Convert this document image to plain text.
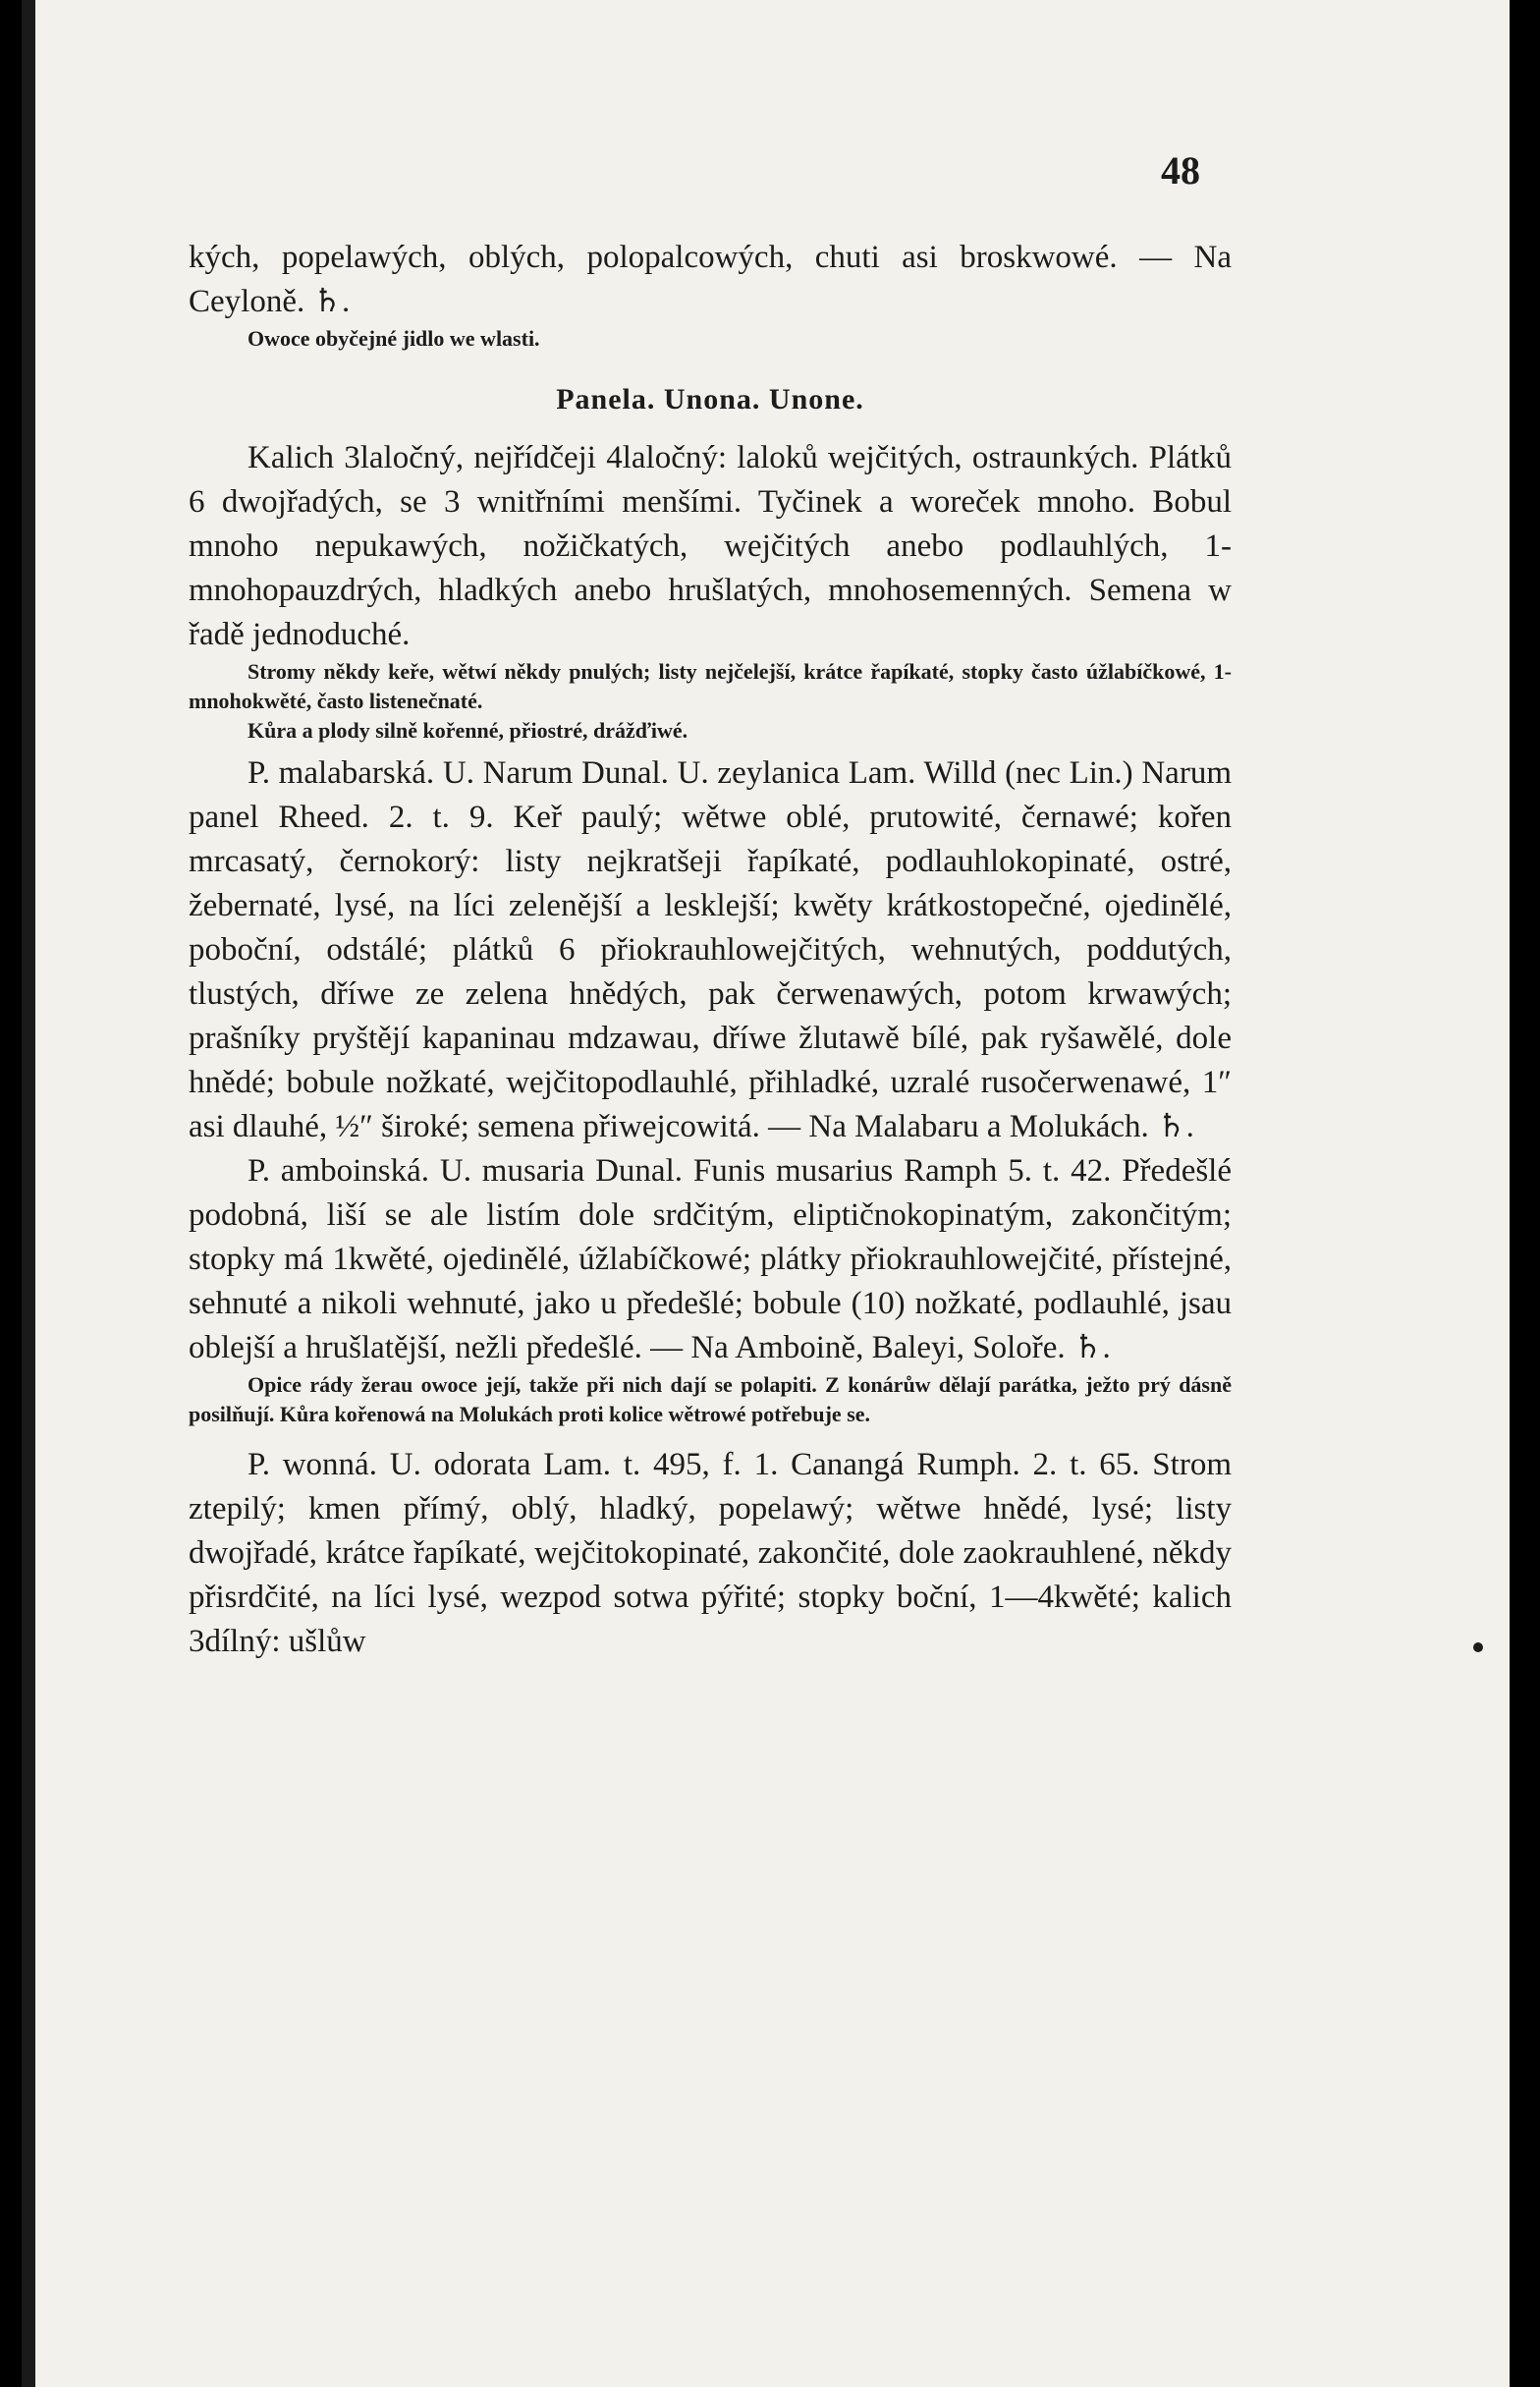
48

kých, popelawých, oblých, polopalcowých, chuti asi broskwowé. — Na Ceyloně. ♄.

Owoce obyčejné jidlo we wlasti.

Panela. Unona. Unone.

Kalich 3laločný, nejřídčeji 4laločný: laloků wejčitých, ostraunkých. Plátků 6 dwojřadých, se 3 wnitřními menšími. Tyčinek a woreček mnoho. Bobul mnoho nepukawých, nožičkatých, wejčitých anebo podlauhlých, 1- mnohopauzdrých, hladkých anebo hrušlatých, mnohosemenných. Semena w řadě jednoduché.

Stromy někdy keře, wětwí někdy pnulých; listy nejčelejší, krátce řapíkaté, stopky často úžlabíčkowé, 1- mnohokwěté, často listenečnaté.

Kůra a plody silně kořenné, přiostré, drážďiwé.

P. malabarská. U. Narum Dunal. U. zeylanica Lam. Willd (nec Lin.) Narum panel Rheed. 2. t. 9. Keř paulý; wětwe oblé, prutowité, černawé; kořen mrcasatý, černokorý: listy nejkratšeji řapíkaté, podlauhlokopinaté, ostré, žebernaté, lysé, na líci zelenější a lesklejší; kwěty krátkostopečné, ojedinělé, poboční, odstálé; plátků 6 přiokrauhlowejčitých, wehnutých, poddutých, tlustých, dříwe ze zelena hnědých, pak čerwenawých, potom krwawých; prašníky pryštějí kapaninau mdzawau, dříwe žlutawě bílé, pak ryšawělé, dole hnědé; bobule nožkaté, wejčitopodlauhlé, přihladké, uzralé rusočerwenawé, 1″ asi dlauhé, ½″ široké; semena přiwejcowitá. — Na Malabaru a Molukách. ♄.

P. amboinská. U. musaria Dunal. Funis musarius Ramph 5. t. 42. Předešlé podobná, liší se ale listím dole srdčitým, eliptičnokopinatým, zakončitým; stopky má 1kwěté, ojedinělé, úžlabíčkowé; plátky přiokrauhlowejčité, přístejné, sehnuté a nikoli wehnuté, jako u předešlé; bobule (10) nožkaté, podlauhlé, jsau oblejší a hrušlatější, nežli předešlé. — Na Amboině, Baleyi, Solоře. ♄.

Opice rády žerau owoce její, takže při nich dají se polapiti. Z konárůw dělají parátka, ježto prý dásně posilňují. Kůra kořenowá na Molukách proti kolice wětrowé potřebuje se.

P. wonná. U. odorata Lam. t. 495, f. 1. Canangá Rumph. 2. t. 65. Strom ztepilý; kmen přímý, oblý, hladký, popelawý; wětwe hnědé, lysé; listy dwojřadé, krátce řapíkaté, wejčitokopinaté, zakončité, dole zaokrauhlené, někdy přisrdčité, na líci lysé, wezpod sotwa pýřité; stopky boční, 1—4kwěté; kalich 3dílný: ušlůw
